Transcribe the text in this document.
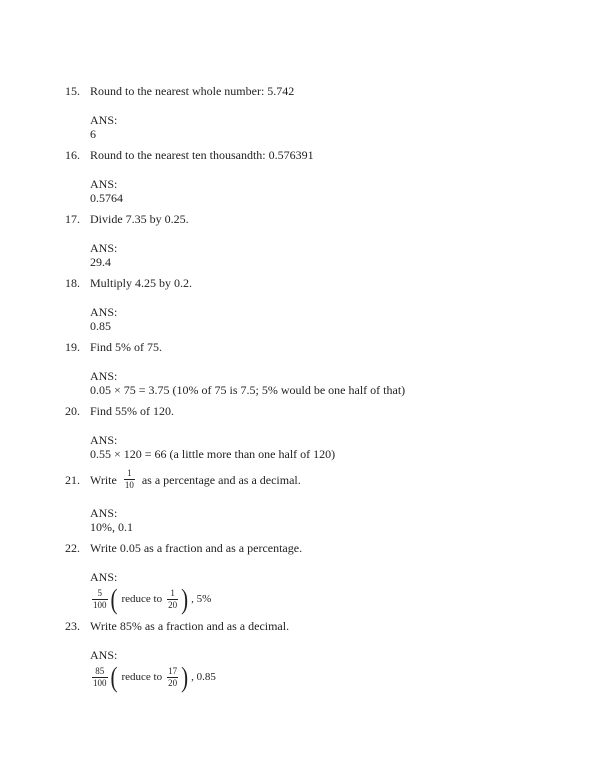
15. Round to the nearest whole number: 5.742
ANS:
6
16. Round to the nearest ten thousandth: 0.576391
ANS:
0.5764
17. Divide 7.35 by 0.25.
ANS:
29.4
18. Multiply 4.25 by 0.2.
ANS:
0.85
19. Find 5% of 75.
ANS:
0.05 × 75 = 3.75 (10% of 75 is 7.5; 5% would be one half of that)
20. Find 55% of 120.
ANS:
0.55 × 120 = 66 (a little more than one half of 120)
21. Write $\frac{1}{10}$ as a percentage and as a decimal.
ANS:
10%, 0.1
22. Write 0.05 as a fraction and as a percentage.
ANS:
$\frac{5}{100}$ ( reduce to $\frac{1}{20}$ ) , 5%
23. Write 85% as a fraction and as a decimal.
ANS:
$\frac{85}{100}$ ( reduce to $\frac{17}{20}$ ) , 0.85
